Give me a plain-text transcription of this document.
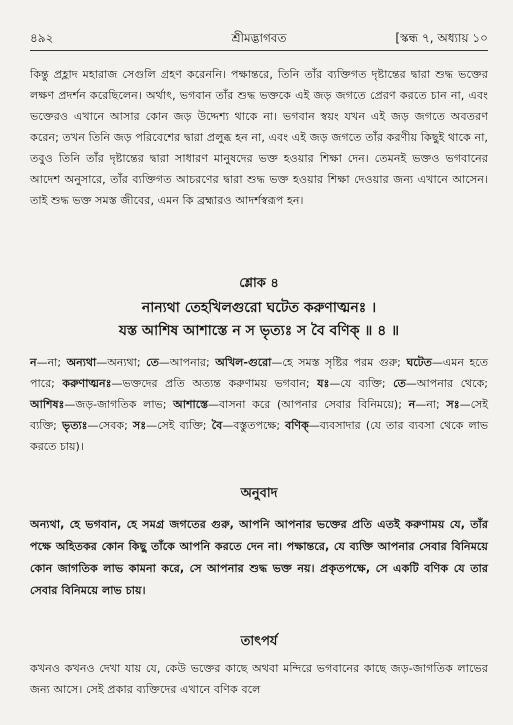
৪৯২	শ্রীমদ্ভাগবত	[স্কন্ধ ৭, অধ্যায় ১০

কিন্তু প্রহ্লাদ মহারাজ সেগুলি গ্রহণ করেননি। পক্ষান্তরে, তিনি তাঁর ব্যক্তিগত দৃষ্টান্তের দ্বারা শুদ্ধ ভক্তের লক্ষণ প্রদর্শন করেছিলেন। অর্থাৎ, ভগবান তাঁর শুদ্ধ ভক্তকে এই জড় জগতে প্রেরণ করতে চান না, এবং ভক্তেরও এখানে আসার কোন জড় উদ্দেশ্য থাকে না। ভগবান স্বয়ং যখন এই জড় জগতে অবতরণ করেন; তখন তিনি জড় পরিবেশের দ্বারা প্রলুব্ধ হন না, এবং এই জড় জগতে তাঁর করণীয় কিছুই থাকে না, তবুও তিনি তাঁর দৃষ্টান্তের দ্বারা সাধারণ মানুষদের ভক্ত হওয়ার শিক্ষা দেন। তেমনই ভক্তও ভগবানের আদেশ অনুসারে, তাঁর ব্যক্তিগত আচরণের দ্বারা শুদ্ধ ভক্ত হওয়ার শিক্ষা দেওয়ার জন্য এখানে আসেন। তাই শুদ্ধ ভক্ত সমস্ত জীবের, এমন কি ব্রহ্মারও আদর্শস্বরূপ হন।

শ্লোক ৪
নান্যথা তেহখিলগুরো ঘটেত করুণাত্মনঃ ।
যস্ত আশিষ আশাস্তে ন স ভৃত্যঃ স বৈ বণিক্ ॥ ৪ ॥

ন—না; অন্যথা—অন্যথা; তে—আপনার; অখিল-গুরো—হে সমস্ত সৃষ্টির পরম গুরু; ঘটেত—এমন হতে পারে; করুণাত্মনঃ—ভক্তদের প্রতি অত্যন্ত করুণাময় ভগবান; যঃ—যে ব্যক্তি; তে—আপনার থেকে; আশিষঃ—জড়-জাগতিক লাভ; আশাস্তে—বাসনা করে (আপনার সেবার বিনিময়ে); ন—না; সঃ—সেই ব্যক্তি; ভৃত্যঃ—সেবক; সঃ—সেই ব্যক্তি; বৈ—বস্তুতপক্ষে; বণিক্—ব্যবসাদার (যে তার ব্যবসা থেকে লাভ করতে চায়)।

অনুবাদ

অন্যথা, হে ভগবান, হে সমগ্র জগতের গুরু, আপনি আপনার ভক্তের প্রতি এতই করুণাময় যে, তাঁর পক্ষে অহিতকর কোন কিছু তাঁকে আপনি করতে দেন না। পক্ষান্তরে, যে ব্যক্তি আপনার সেবার বিনিময়ে কোন জাগতিক লাভ কামনা করে, সে আপনার শুদ্ধ ভক্ত নয়। প্রকৃতপক্ষে, সে একটি বণিক যে তার সেবার বিনিময়ে লাভ চায়।

তাৎপর্য

কখনও কখনও দেখা যায় যে, কেউ ভক্তের কাছে অথবা মন্দিরে ভগবানের কাছে জড়-জাগতিক লাভের জন্য আসে। সেই প্রকার ব্যক্তিদের এখানে বণিক বলে
